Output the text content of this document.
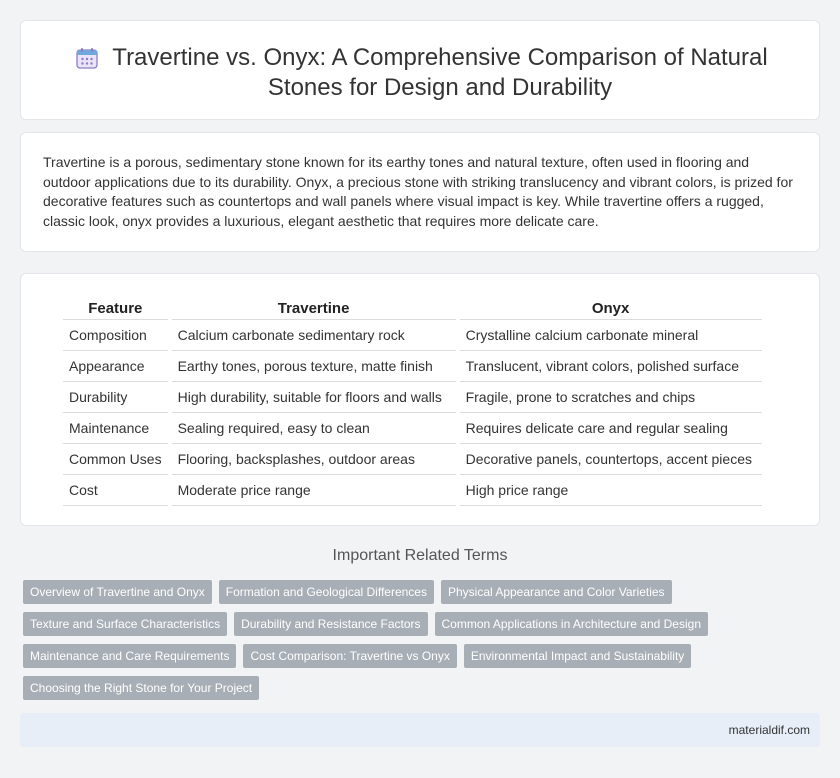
Travertine vs. Onyx: A Comprehensive Comparison of Natural Stones for Design and Durability

Travertine is a porous, sedimentary stone known for its earthy tones and natural texture, often used in flooring and outdoor applications due to its durability. Onyx, a precious stone with striking translucency and vibrant colors, is prized for decorative features such as countertops and wall panels where visual impact is key. While travertine offers a rugged, classic look, onyx provides a luxurious, elegant aesthetic that requires more delicate care.

Feature		Travertine		Onyx
Composition		Calcium carbonate sedimentary rock		Crystalline calcium carbonate mineral
Appearance		Earthy tones, porous texture, matte finish		Translucent, vibrant colors, polished surface
Durability		High durability, suitable for floors and walls		Fragile, prone to scratches and chips
Maintenance		Sealing required, easy to clean		Requires delicate care and regular sealing
Common Uses		Flooring, backsplashes, outdoor areas		Decorative panels, countertops, accent pieces
Cost		Moderate price range		High price range
Important Related Terms
Overview of Travertine and Onyx	Formation and Geological Differences	Physical Appearance and Color Varieties
Texture and Surface Characteristics	Durability and Resistance Factors	Common Applications in Architecture and Design
Maintenance and Care Requirements	Cost Comparison: Travertine vs Onyx	Environmental Impact and Sustainability
Choosing the Right Stone for Your Project
materialdif.com
